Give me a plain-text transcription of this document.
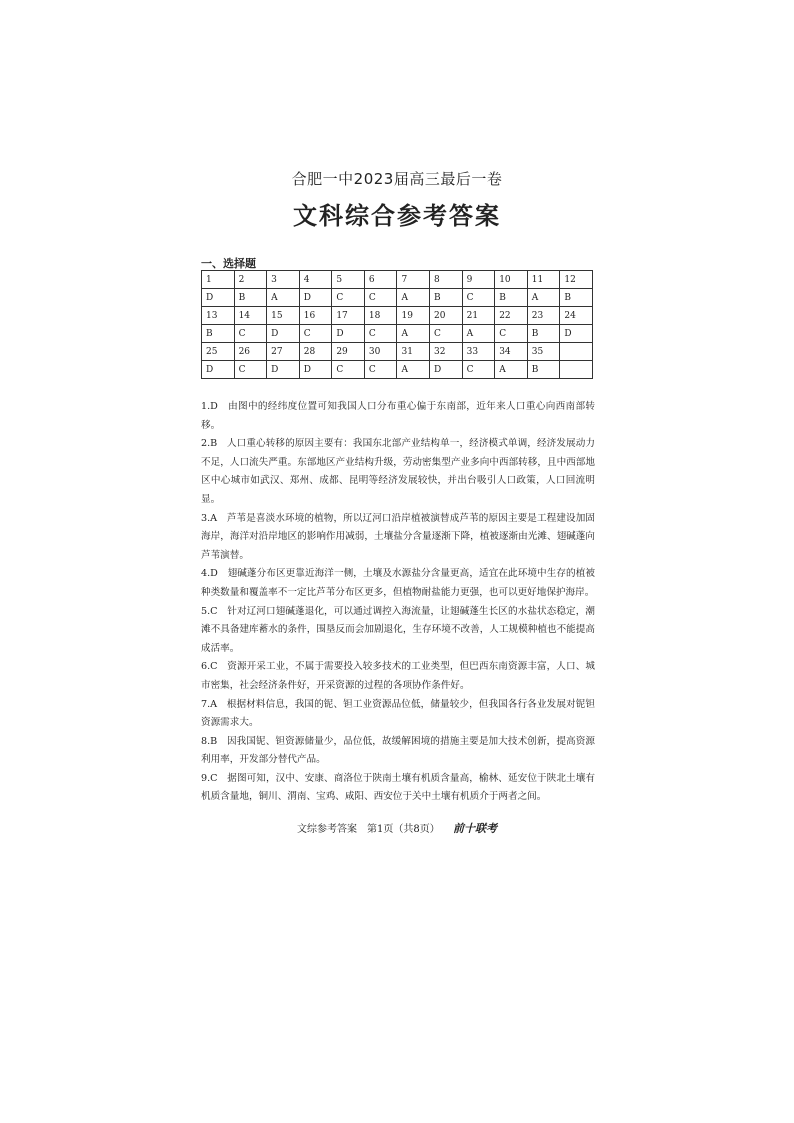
合肥一中2023届高三最后一卷
文科综合参考答案
一、选择题
1	2	3	4	5	6	7	8	9	10	11	12
D	B	A	D	C	C	A	B	C	B	A	B
13	14	15	16	17	18	19	20	21	22	23	24
B	C	D	C	D	C	A	C	A	C	B	D
25	26	27	28	29	30	31	32	33	34	35	
D	C	D	D	C	C	A	D	C	A	B	

1.D　由图中的经纬度位置可知我国人口分布重心偏于东南部，近年来人口重心向西南部转移。

2.B　人口重心转移的原因主要有：我国东北部产业结构单一，经济模式单调，经济发展动力不足，人口流失严重。东部地区产业结构升级，劳动密集型产业多向中西部转移，且中西部地区中心城市如武汉、郑州、成都、昆明等经济发展较快，并出台吸引人口政策，人口回流明显。

3.A　芦苇是喜淡水环境的植物，所以辽河口沿岸植被演替成芦苇的原因主要是工程建设加固海岸，海洋对沿岸地区的影响作用减弱，土壤盐分含量逐渐下降，植被逐渐由光滩、翅碱蓬向芦苇演替。

4.D　翅碱蓬分布区更靠近海洋一侧，土壤及水源盐分含量更高，适宜在此环境中生存的植被种类数量和覆盖率不一定比芦苇分布区更多，但植物耐盐能力更强，也可以更好地保护海岸。

5.C　针对辽河口翅碱蓬退化，可以通过调控入海流量，让翅碱蓬生长区的水盐状态稳定，潮滩不具备建库蓄水的条件，围垦反而会加剧退化，生存环境不改善，人工规模种植也不能提高成活率。

6.C　资源开采工业，不属于需要投入较多技术的工业类型，但巴西东南资源丰富，人口、城市密集，社会经济条件好，开采资源的过程的各项协作条件好。

7.A　根据材料信息，我国的铌、钽工业资源品位低，储量较少，但我国各行各业发展对铌钽资源需求大。

8.B　因我国铌、钽资源储量少，品位低，故缓解困境的措施主要是加大技术创新，提高资源利用率，开发部分替代产品。

9.C　据图可知，汉中、安康、商洛位于陕南土壤有机质含量高，榆林、延安位于陕北土壤有机质含量地，铜川、渭南、宝鸡、咸阳、西安位于关中土壤有机质介于两者之间。

文综参考答案　第1页（共8页） 前十联考
